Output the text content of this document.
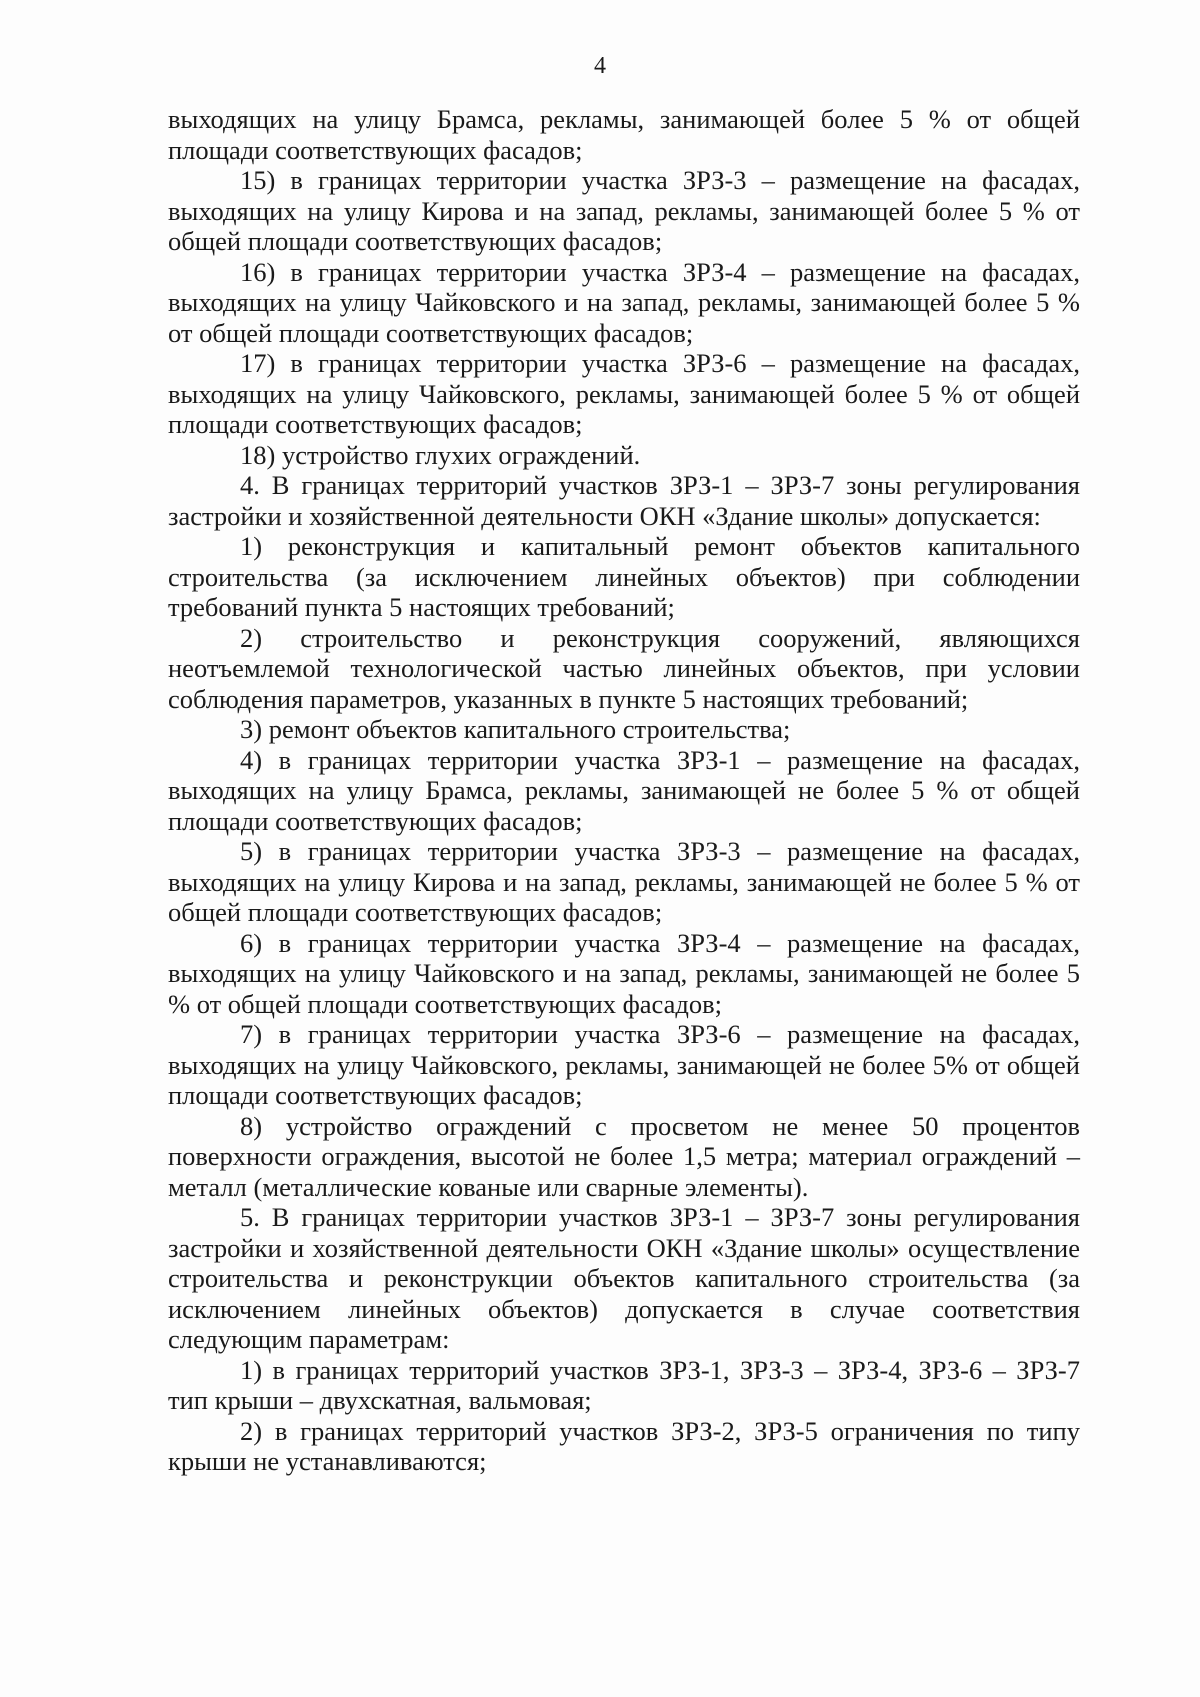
4

выходящих на улицу Брамса, рекламы, занимающей более 5 % от общей площади соответствующих фасадов;

15) в границах территории участка ЗРЗ-3 – размещение на фасадах, выходящих на улицу Кирова и на запад, рекламы, занимающей более 5 % от общей площади соответствующих фасадов;

16) в границах территории участка ЗРЗ-4 – размещение на фасадах, выходящих на улицу Чайковского и на запад, рекламы, занимающей более 5 % от общей площади соответствующих фасадов;

17) в границах территории участка ЗРЗ-6 – размещение на фасадах, выходящих на улицу Чайковского, рекламы, занимающей более 5 % от общей площади соответствующих фасадов;

18) устройство глухих ограждений.

4. В границах территорий участков ЗРЗ-1 – ЗРЗ-7 зоны регулирования застройки и хозяйственной деятельности ОКН «Здание школы» допускается:

1) реконструкция и капитальный ремонт объектов капитального строительства (за исключением линейных объектов) при соблюдении требований пункта 5 настоящих требований;

2) строительство и реконструкция сооружений, являющихся неотъемлемой технологической частью линейных объектов, при условии соблюдения параметров, указанных в пункте 5 настоящих требований;

3) ремонт объектов капитального строительства;

4) в границах территории участка ЗРЗ-1 – размещение на фасадах, выходящих на улицу Брамса, рекламы, занимающей не более 5 % от общей площади соответствующих фасадов;

5) в границах территории участка ЗРЗ-3 – размещение на фасадах, выходящих на улицу Кирова и на запад, рекламы, занимающей не более 5 % от общей площади соответствующих фасадов;

6) в границах территории участка ЗРЗ-4 – размещение на фасадах, выходящих на улицу Чайковского и на запад, рекламы, занимающей не более 5 % от общей площади соответствующих фасадов;

7) в границах территории участка ЗРЗ-6 – размещение на фасадах, выходящих на улицу Чайковского, рекламы, занимающей не более 5% от общей площади соответствующих фасадов;

8) устройство ограждений с просветом не менее 50 процентов поверхности ограждения, высотой не более 1,5 метра; материал ограждений – металл (металлические кованые или сварные элементы).

5. В границах территории участков ЗРЗ-1 – ЗРЗ-7 зоны регулирования застройки и хозяйственной деятельности ОКН «Здание школы» осуществление строительства и реконструкции объектов капитального строительства (за исключением линейных объектов) допускается в случае соответствия следующим параметрам:

1) в границах территорий участков ЗРЗ-1, ЗРЗ-3 – ЗРЗ-4, ЗРЗ-6 – ЗРЗ-7 тип крыши – двухскатная, вальмовая;

2) в границах территорий участков ЗРЗ-2, ЗРЗ-5 ограничения по типу крыши не устанавливаются;
